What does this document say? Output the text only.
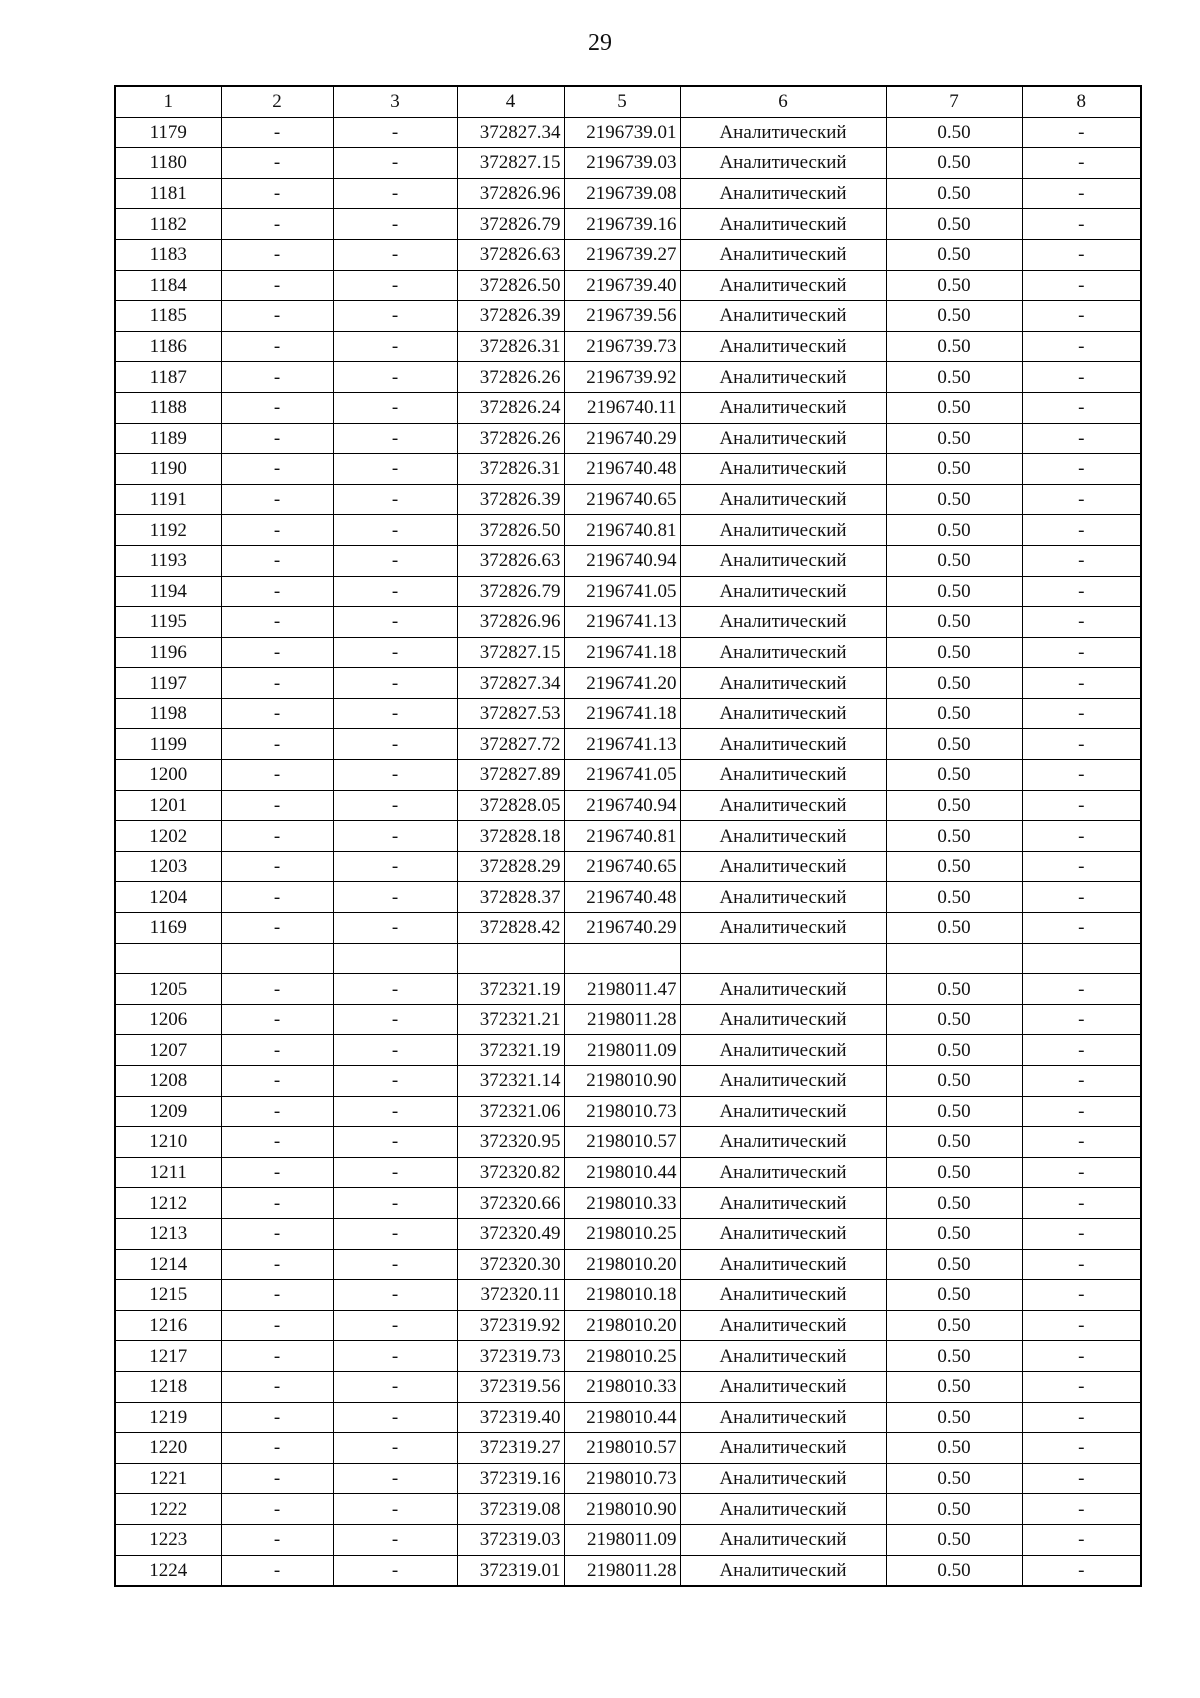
29
1	2	3	4	5	6	7	8
1179	-	-	372827.34	2196739.01	Аналитический	0.50	-
1180	-	-	372827.15	2196739.03	Аналитический	0.50	-
1181	-	-	372826.96	2196739.08	Аналитический	0.50	-
1182	-	-	372826.79	2196739.16	Аналитический	0.50	-
1183	-	-	372826.63	2196739.27	Аналитический	0.50	-
1184	-	-	372826.50	2196739.40	Аналитический	0.50	-
1185	-	-	372826.39	2196739.56	Аналитический	0.50	-
1186	-	-	372826.31	2196739.73	Аналитический	0.50	-
1187	-	-	372826.26	2196739.92	Аналитический	0.50	-
1188	-	-	372826.24	2196740.11	Аналитический	0.50	-
1189	-	-	372826.26	2196740.29	Аналитический	0.50	-
1190	-	-	372826.31	2196740.48	Аналитический	0.50	-
1191	-	-	372826.39	2196740.65	Аналитический	0.50	-
1192	-	-	372826.50	2196740.81	Аналитический	0.50	-
1193	-	-	372826.63	2196740.94	Аналитический	0.50	-
1194	-	-	372826.79	2196741.05	Аналитический	0.50	-
1195	-	-	372826.96	2196741.13	Аналитический	0.50	-
1196	-	-	372827.15	2196741.18	Аналитический	0.50	-
1197	-	-	372827.34	2196741.20	Аналитический	0.50	-
1198	-	-	372827.53	2196741.18	Аналитический	0.50	-
1199	-	-	372827.72	2196741.13	Аналитический	0.50	-
1200	-	-	372827.89	2196741.05	Аналитический	0.50	-
1201	-	-	372828.05	2196740.94	Аналитический	0.50	-
1202	-	-	372828.18	2196740.81	Аналитический	0.50	-
1203	-	-	372828.29	2196740.65	Аналитический	0.50	-
1204	-	-	372828.37	2196740.48	Аналитический	0.50	-
1169	-	-	372828.42	2196740.29	Аналитический	0.50	-

1205	-	-	372321.19	2198011.47	Аналитический	0.50	-
1206	-	-	372321.21	2198011.28	Аналитический	0.50	-
1207	-	-	372321.19	2198011.09	Аналитический	0.50	-
1208	-	-	372321.14	2198010.90	Аналитический	0.50	-
1209	-	-	372321.06	2198010.73	Аналитический	0.50	-
1210	-	-	372320.95	2198010.57	Аналитический	0.50	-
1211	-	-	372320.82	2198010.44	Аналитический	0.50	-
1212	-	-	372320.66	2198010.33	Аналитический	0.50	-
1213	-	-	372320.49	2198010.25	Аналитический	0.50	-
1214	-	-	372320.30	2198010.20	Аналитический	0.50	-
1215	-	-	372320.11	2198010.18	Аналитический	0.50	-
1216	-	-	372319.92	2198010.20	Аналитический	0.50	-
1217	-	-	372319.73	2198010.25	Аналитический	0.50	-
1218	-	-	372319.56	2198010.33	Аналитический	0.50	-
1219	-	-	372319.40	2198010.44	Аналитический	0.50	-
1220	-	-	372319.27	2198010.57	Аналитический	0.50	-
1221	-	-	372319.16	2198010.73	Аналитический	0.50	-
1222	-	-	372319.08	2198010.90	Аналитический	0.50	-
1223	-	-	372319.03	2198011.09	Аналитический	0.50	-
1224	-	-	372319.01	2198011.28	Аналитический	0.50	-
